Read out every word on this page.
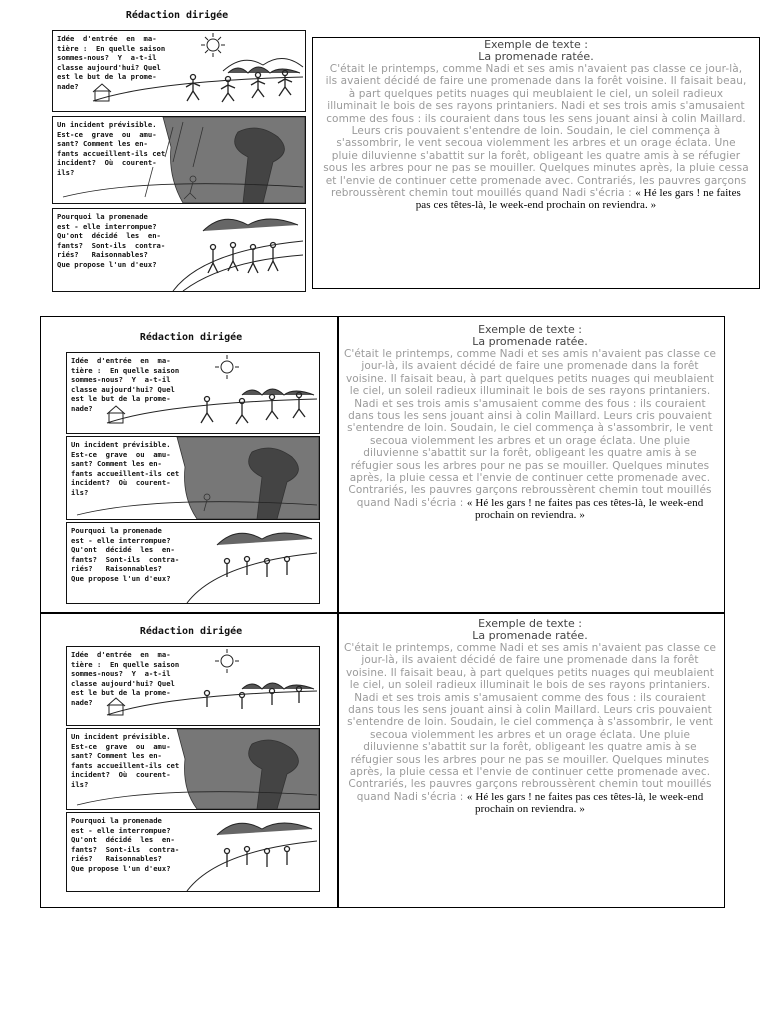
Rédaction dirigée
Idée  d'entrée  en  ma-
tière :  En quelle saison
sommes-nous?  Y  a-t-il
classe aujourd'hui? Quel
est le but de la prome-
nade?
Un incident prévisible.
Est-ce  grave  ou  amu-
sant? Comment les en-
fants accueillent-ils cet
incident?  Où  courent-
ils?
Pourquoi la promenade
est - elle interrompue?
Qu'ont  décidé  les  en-
fants?  Sont-ils  contra-
riés?   Raisonnables?
Que propose l'un d'eux?
Exemple de texte :
La promenade ratée.
C'était le printemps, comme Nadi et ses amis n'avaient pas classe ce jour-là, ils avaient décidé de faire une promenade dans la forêt voisine. Il faisait beau, à part quelques petits nuages qui meublaient le ciel, un soleil radieux illuminait le bois de ses rayons printaniers. Nadi et ses trois amis s'amusaient comme des fous : ils couraient dans tous les sens jouant ainsi à colin Maillard. Leurs cris pouvaient s'entendre de loin. Soudain, le ciel commença à s'assombrir, le vent secoua violemment les arbres et un orage éclata. Une pluie diluvienne s'abattit sur la forêt, obligeant les quatre amis à se réfugier sous les arbres pour ne pas se mouiller. Quelques minutes après, la pluie cessa et l'envie de continuer cette promenade avec. Contrariés, les pauvres garçons rebroussèrent chemin tout mouillés quand Nadi s'écria : « Hé les gars ! ne faites pas ces têtes-là, le week-end prochain on reviendra. »
Rédaction dirigée
Idée  d'entrée  en  ma-
tière :  En quelle saison
sommes-nous?  Y  a-t-il
classe aujourd'hui? Quel
est le but de la prome-
nade?
Un incident prévisible.
Est-ce  grave  ou  amu-
sant? Comment les en-
fants accueillent-ils cet
incident?  Où  courent-
ils?
Pourquoi la promenade
est - elle interrompue?
Qu'ont  décidé  les  en-
fants?  Sont-ils  contra-
riés?   Raisonnables?
Que propose l'un d'eux?
Exemple de texte :
La promenade ratée.
C'était le printemps, comme Nadi et ses amis n'avaient pas classe ce jour-là, ils avaient décidé de faire une promenade dans la forêt voisine. Il faisait beau, à part quelques petits nuages qui meublaient le ciel, un soleil radieux illuminait le bois de ses rayons printaniers. Nadi et ses trois amis s'amusaient comme des fous : ils couraient dans tous les sens jouant ainsi à colin Maillard. Leurs cris pouvaient s'entendre de loin. Soudain, le ciel commença à s'assombrir, le vent secoua violemment les arbres et un orage éclata. Une pluie diluvienne s'abattit sur la forêt, obligeant les quatre amis à se réfugier sous les arbres pour ne pas se mouiller. Quelques minutes après, la pluie cessa et l'envie de continuer cette promenade avec. Contrariés, les pauvres garçons rebroussèrent chemin tout mouillés quand Nadi s'écria : « Hé les gars ! ne faites pas ces têtes-là, le week-end prochain on reviendra. »
Rédaction dirigée
Idée  d'entrée  en  ma-
tière :  En quelle saison
sommes-nous?  Y  a-t-il
classe aujourd'hui? Quel
est le but de la prome-
nade?
Un incident prévisible.
Est-ce  grave  ou  amu-
sant? Comment les en-
fants accueillent-ils cet
incident?  Où  courent-
ils?
Pourquoi la promenade
est - elle interrompue?
Qu'ont  décidé  les  en-
fants?  Sont-ils  contra-
riés?   Raisonnables?
Que propose l'un d'eux?
Exemple de texte :
La promenade ratée.
C'était le printemps, comme Nadi et ses amis n'avaient pas classe ce jour-là, ils avaient décidé de faire une promenade dans la forêt voisine. Il faisait beau, à part quelques petits nuages qui meublaient le ciel, un soleil radieux illuminait le bois de ses rayons printaniers. Nadi et ses trois amis s'amusaient comme des fous : ils couraient dans tous les sens jouant ainsi à colin Maillard. Leurs cris pouvaient s'entendre de loin. Soudain, le ciel commença à s'assombrir, le vent secoua violemment les arbres et un orage éclata. Une pluie diluvienne s'abattit sur la forêt, obligeant les quatre amis à se réfugier sous les arbres pour ne pas se mouiller. Quelques minutes après, la pluie cessa et l'envie de continuer cette promenade avec. Contrariés, les pauvres garçons rebroussèrent chemin tout mouillés quand Nadi s'écria : « Hé les gars ! ne faites pas ces têtes-là, le week-end prochain on reviendra. »
